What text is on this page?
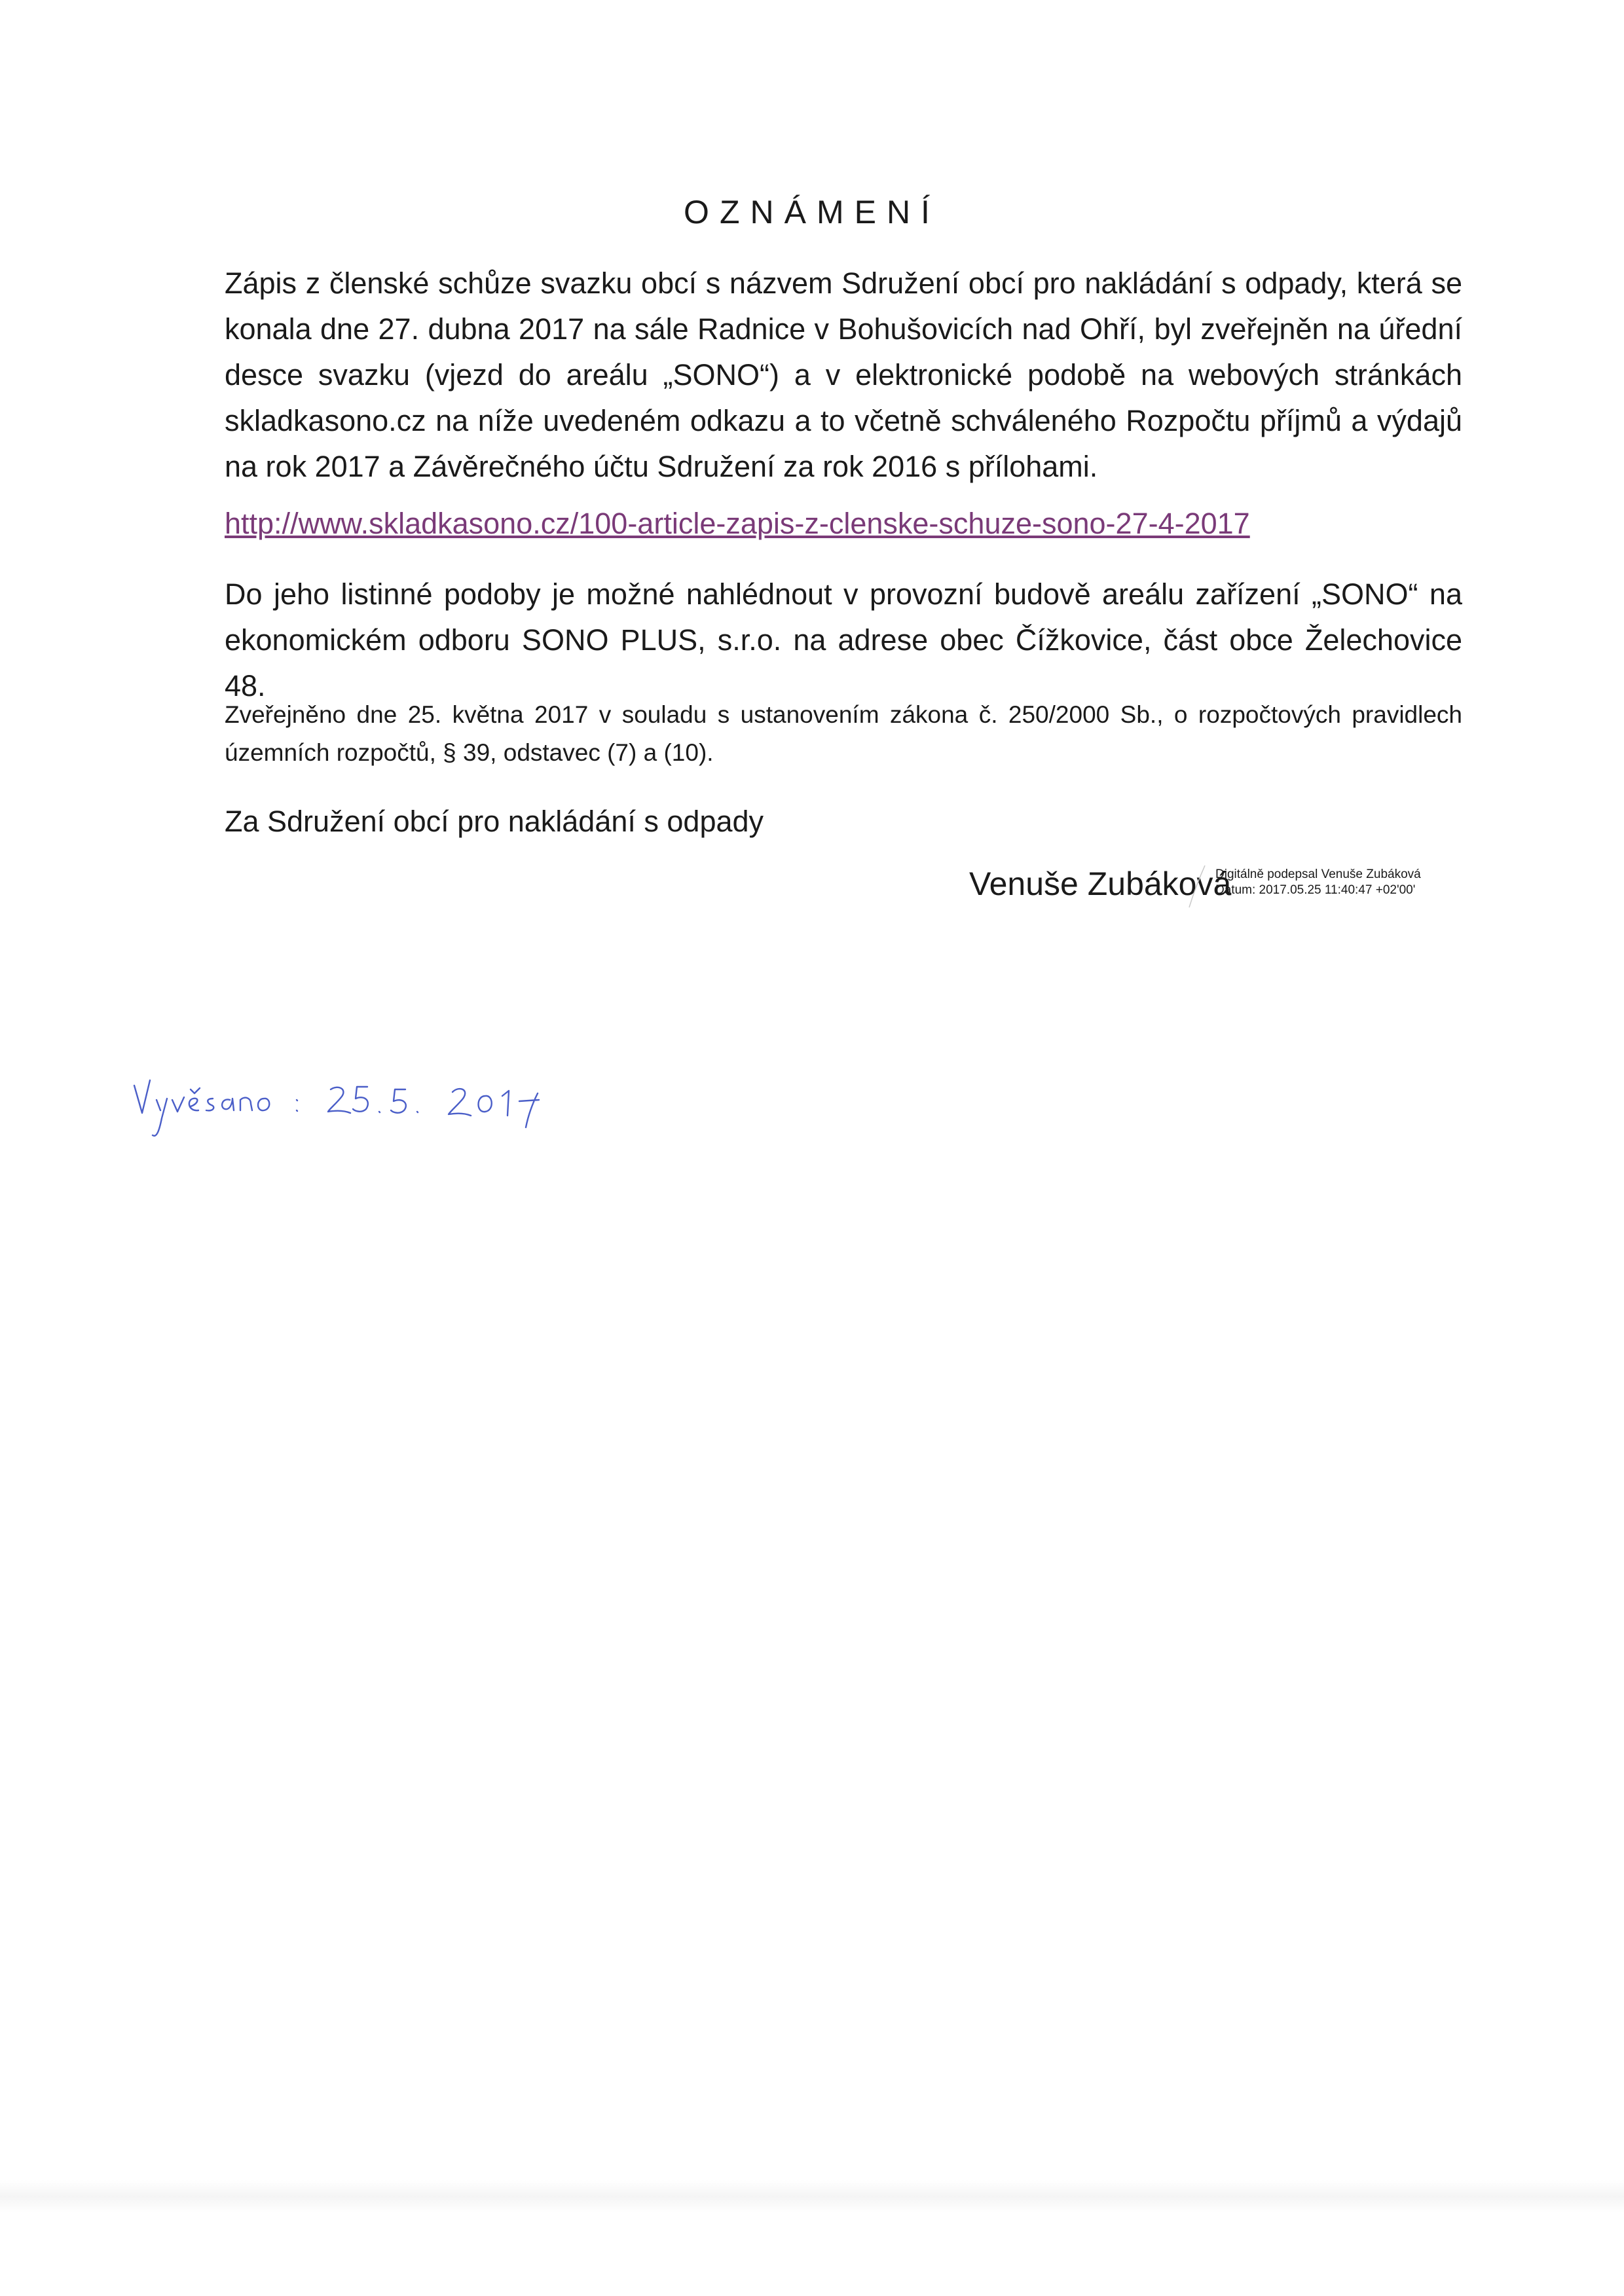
OZNÁMENÍ
Zápis z členské schůze svazku obcí s názvem Sdružení obcí pro nakládání s odpady, která se konala dne 27. dubna 2017 na sále Radnice v Bohušovicích nad Ohří, byl zveřejněn na úřední desce svazku (vjezd do areálu „SONO“) a v elektronické podobě na webových stránkách skladkasono.cz na níže uvedeném odkazu a to včetně schváleného Rozpočtu příjmů a výdajů na rok 2017 a Závěrečného účtu Sdružení za rok 2016 s přílohami.
http://www.skladkasono.cz/100-article-zapis-z-clenske-schuze-sono-27-4-2017
Do jeho listinné podoby je možné nahlédnout v provozní budově areálu zařízení „SONO“ na ekonomickém odboru SONO PLUS, s.r.o. na adrese obec Čížkovice, část obce Želechovice 48.
Zveřejněno dne 25. května 2017 v souladu s ustanovením zákona č. 250/2000 Sb., o rozpočtových pravidlech územních rozpočtů, § 39, odstavec (7) a (10).
Za Sdružení obcí pro nakládání s odpady
Venuše Zubáková
Digitálně podepsal Venuše Zubáková
Datum: 2017.05.25 11:40:47 +02'00'
